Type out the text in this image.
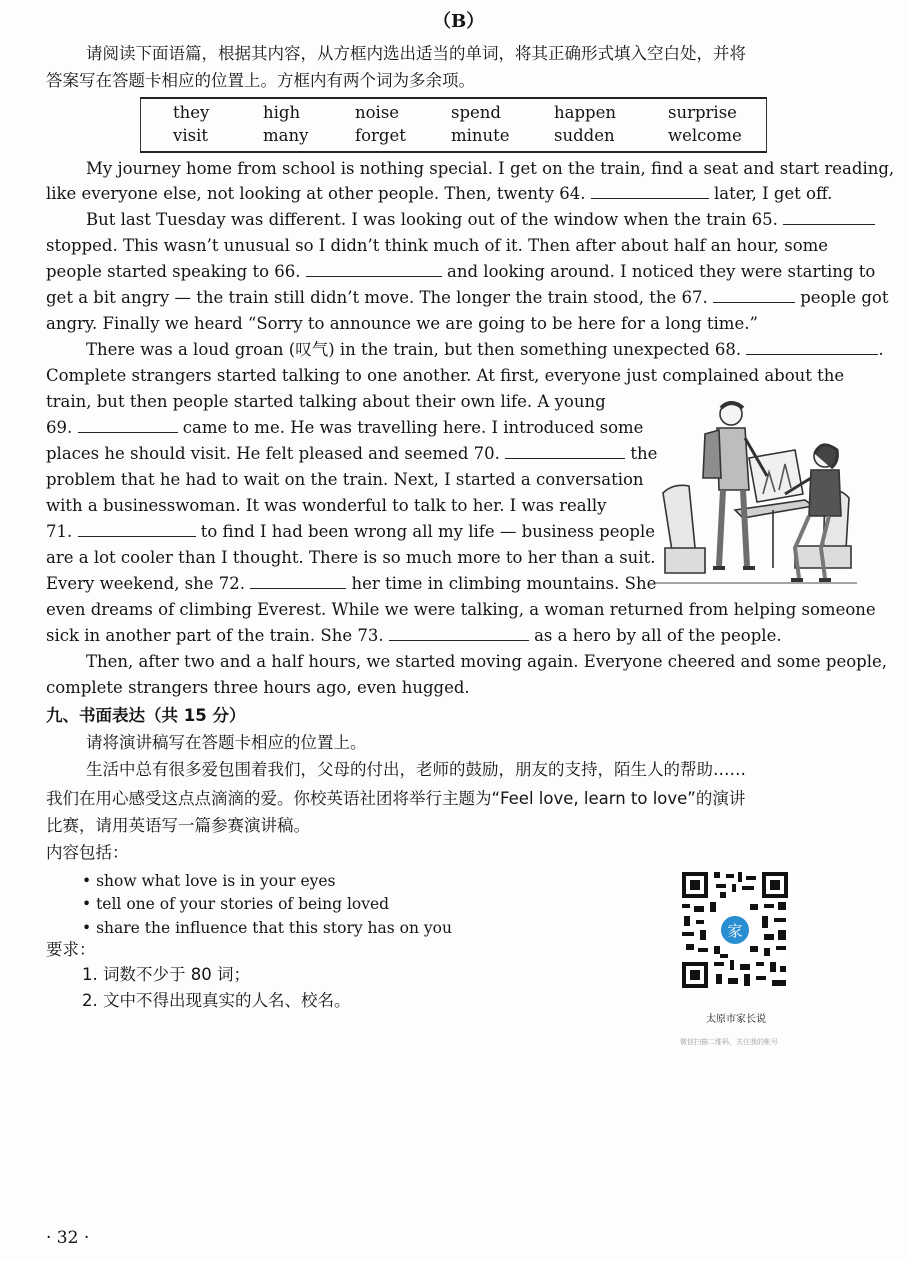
（B）
请阅读下面语篇，根据其内容，从方框内选出适当的单词，将其正确形式填入空白处，并将
答案写在答题卡相应的位置上。方框内有两个词为多余项。
they	high	noise	spend	happen	surprise
visit	many	forget	minute	sudden	welcome
My journey home from school is nothing special. I get on the train, find a seat and start reading,
like everyone else, not looking at other people. Then, twenty 64.	later, I get off.
But last Tuesday was different. I was looking out of the window when the train 65.
stopped. This wasn’t unusual so I didn’t think much of it. Then after about half an hour, some
people started speaking to 66.	and looking around. I noticed they were starting to
get a bit angry — the train still didn’t move. The longer the train stood, the 67.	people got
angry. Finally we heard “Sorry to announce we are going to be here for a long time.”
There was a loud groan (叹气) in the train, but then something unexpected 68.	.
Complete strangers started talking to one another. At first, everyone just complained about the
train, but then people started talking about their own life. A young
69.	came to me. He was travelling here. I introduced some
places he should visit. He felt pleased and seemed 70.	the
problem that he had to wait on the train. Next, I started a conversation
with a businesswoman. It was wonderful to talk to her. I was really
71.	to find I had been wrong all my life — business people
are a lot cooler than I thought. There is so much more to her than a suit.
Every weekend, she 72.	her time in climbing mountains. She
even dreams of climbing Everest. While we were talking, a woman returned from helping someone
sick in another part of the train. She 73.	as a hero by all of the people.
Then, after two and a half hours, we started moving again. Everyone cheered and some people,
complete strangers three hours ago, even hugged.
九、书面表达（共 15 分）
请将演讲稿写在答题卡相应的位置上。
生活中总有很多爱包围着我们，父母的付出，老师的鼓励，朋友的支持，陌生人的帮助……
我们在用心感受这点点滴滴的爱。你校英语社团将举行主题为“Feel love, learn to love”的演讲
比赛，请用英语写一篇参赛演讲稿。
内容包括：
• show what love is in your eyes
• tell one of your stories of being loved
• share the influence that this story has on you
要求：
1. 词数不少于 80 词；
2. 文中不得出现真实的人名、校名。
家
太原市家长说
微信扫描二维码，关注我的帐号
· 32 ·
